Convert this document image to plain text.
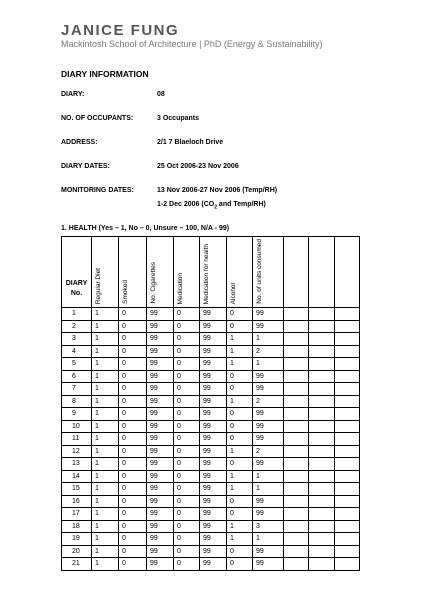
JANICE FUNG
Mackintosh School of Architecture | PhD (Energy & Sustainability)
DIARY INFORMATION
DIARY:	08
NO. OF OCCUPANTS:	3 Occupants
ADDRESS:	2/1 7 Blaeloch Drive
DIARY DATES:	25 Oct 2006-23 Nov 2006
MONITORING DATES:	13 Nov 2006-27 Nov 2006 (Temp/RH)
1-2 Dec 2006 ($CO_2$ and Temp/RH)
1. HEALTH (Yes – 1, No – 0, Unsure – 100, N/A - 99)
DIARY
No.	Regular Diet	Smoked	No. Cigarettes	Medication	Medication for health	Alcohol	No. of units consumed			

1	1	0	99	0	99	0	99			
2	1	0	99	0	99	0	99			
3	1	0	99	0	99	1	1			
4	1	0	99	0	99	1	2			
5	1	0	99	0	99	1	1			
6	1	0	99	0	99	0	99			
7	1	0	99	0	99	0	99			
8	1	0	99	0	99	1	2			
9	1	0	99	0	99	0	99			
10	1	0	99	0	99	0	99			
11	1	0	99	0	99	0	99			
12	1	0	99	0	99	1	2			
13	1	0	99	0	99	0	99			
14	1	0	99	0	99	1	1			
15	1	0	99	0	99	1	1			
16	1	0	99	0	99	0	99			
17	1	0	99	0	99	0	99			
18	1	0	99	0	99	1	3			
19	1	0	99	0	99	1	1			
20	1	0	99	0	99	0	99			
21	1	0	99	0	99	0	99			
